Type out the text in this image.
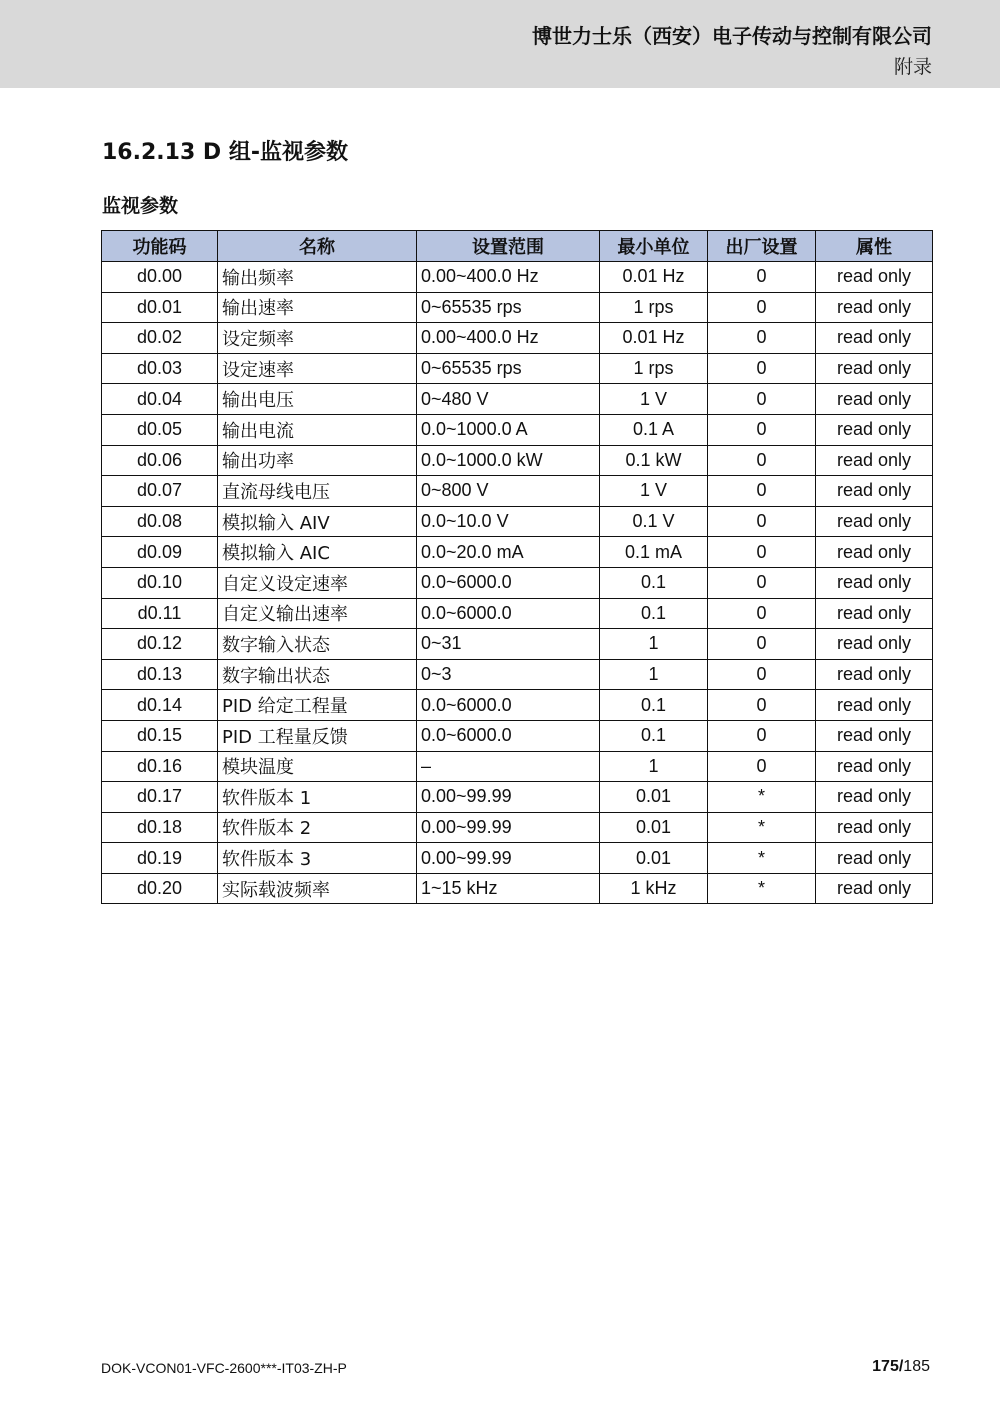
博世力士乐（西安）电子传动与控制有限公司
附录
16.2.13 D 组-监视参数
监视参数
功能码	名称	设置范围	最小单位	出厂设置	属性
d0.00	输出频率	0.00~400.0 Hz	0.01 Hz	0	read only
d0.01	输出速率	0~65535 rps	1 rps	0	read only
d0.02	设定频率	0.00~400.0 Hz	0.01 Hz	0	read only
d0.03	设定速率	0~65535 rps	1 rps	0	read only
d0.04	输出电压	0~480 V	1 V	0	read only
d0.05	输出电流	0.0~1000.0 A	0.1 A	0	read only
d0.06	输出功率	0.0~1000.0 kW	0.1 kW	0	read only
d0.07	直流母线电压	0~800 V	1 V	0	read only
d0.08	模拟输入 AIV	0.0~10.0 V	0.1 V	0	read only
d0.09	模拟输入 AIC	0.0~20.0 mA	0.1 mA	0	read only
d0.10	自定义设定速率	0.0~6000.0	0.1	0	read only
d0.11	自定义输出速率	0.0~6000.0	0.1	0	read only
d0.12	数字输入状态	0~31	1	0	read only
d0.13	数字输出状态	0~3	1	0	read only
d0.14	PID 给定工程量	0.0~6000.0	0.1	0	read only
d0.15	PID 工程量反馈	0.0~6000.0	0.1	0	read only
d0.16	模块温度	–	1	0	read only
d0.17	软件版本 1	0.00~99.99	0.01	*	read only
d0.18	软件版本 2	0.00~99.99	0.01	*	read only
d0.19	软件版本 3	0.00~99.99	0.01	*	read only
d0.20	实际载波频率	1~15 kHz	1 kHz	*	read only
DOK-VCON01-VFC-2600***-IT03-ZH-P	175/185
